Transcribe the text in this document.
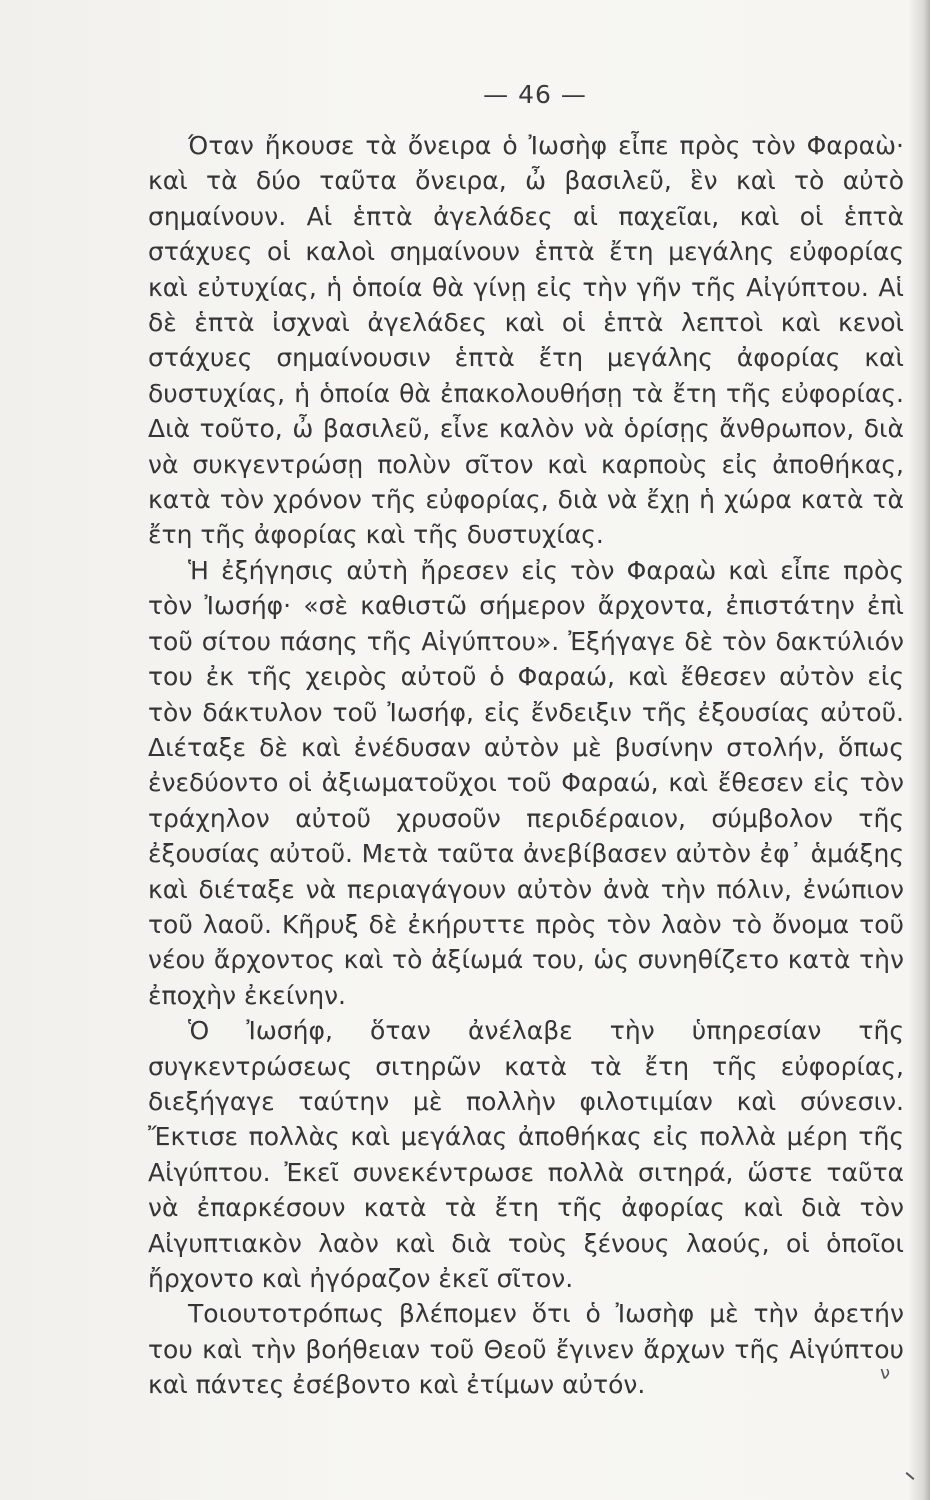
— 46 —

Όταν ἤκουσε τὰ ὄνειρα ὁ Ἰωσὴφ εἶπε πρὸς τὸν Φαραὼ· καὶ τὰ δύο ταῦτα ὄνειρα, ὦ βασιλεῦ, ἓν καὶ τὸ αὐτὸ σημαίνουν. Αἱ ἑπτὰ ἀγελάδες αἱ παχεῖαι, καὶ οἱ ἑπτὰ στάχυες οἱ καλοὶ σημαίνουν ἑπτὰ ἔτη μεγάλης εὐφορίας καὶ εὐτυχίας, ἡ ὁποία θὰ γίνῃ εἰς τὴν γῆν τῆς Αἰγύπτου. Αἱ δὲ ἑπτὰ ἰσχναὶ ἀγελάδες καὶ οἱ ἑπτὰ λεπτοὶ καὶ κενοὶ στάχυες σημαίνουσιν ἑπτὰ ἔτη μεγάλης ἀφορίας καὶ δυστυχίας, ἡ ὁποία θὰ ἐπακολουθήσῃ τὰ ἔτη τῆς εὐφορίας. Διὰ τοῦτο, ὦ βασιλεῦ, εἶνε καλὸν νὰ ὁρίσῃς ἄνθρωπον, διὰ νὰ συκγεντρώσῃ πολὺν σῖτον καὶ καρποὺς εἰς ἀποθήκας, κατὰ τὸν χρόνον τῆς εὐφορίας, διὰ νὰ ἔχῃ ἡ χώρα κατὰ τὰ ἔτη τῆς ἀφορίας καὶ τῆς δυστυχίας.

Ἡ ἐξήγησις αὐτὴ ἤρεσεν εἰς τὸν Φαραὼ καὶ εἶπε πρὸς τὸν Ἰωσήφ· «σὲ καθιστῶ σήμερον ἄρχοντα, ἐπιστάτην ἐπὶ τοῦ σίτου πάσης τῆς Αἰγύπτου». Ἐξήγαγε δὲ τὸν δακτύλιόν του ἐκ τῆς χειρὸς αὐτοῦ ὁ Φαραώ, καὶ ἔθεσεν αὐτὸν εἰς τὸν δάκτυλον τοῦ Ἰωσήφ, εἰς ἔνδειξιν τῆς ἐξουσίας αὐτοῦ. Διέταξε δὲ καὶ ἐνέδυσαν αὐτὸν μὲ βυσίνην στολήν, ὅπως ἐνεδύοντο οἱ ἀξιωματοῦχοι τοῦ Φαραώ, καὶ ἔθεσεν εἰς τὸν τράχηλον αὐτοῦ χρυσοῦν περιδέραιον, σύμβολον τῆς ἐξουσίας αὐτοῦ. Μετὰ ταῦτα ἀνεβίβασεν αὐτὸν ἐφ᾽ ἁμάξης καὶ διέταξε νὰ περιαγάγουν αὐτὸν ἀνὰ τὴν πόλιν, ἐνώπιον τοῦ λαοῦ. Κῆρυξ δὲ ἐκήρυττε πρὸς τὸν λαὸν τὸ ὄνομα τοῦ νέου ἄρχοντος καὶ τὸ ἀξίωμά του, ὡς συνηθίζετο κατὰ τὴν ἐποχὴν ἐκείνην.

Ὁ Ἰωσήφ, ὅταν ἀνέλαβε τὴν ὑπηρεσίαν τῆς συγκεντρώσεως σιτηρῶν κατὰ τὰ ἔτη τῆς εὐφορίας, διεξήγαγε ταύτην μὲ πολλὴν φιλοτιμίαν καὶ σύνεσιν. Ἔκτισε πολλὰς καὶ μεγάλας ἀποθήκας εἰς πολλὰ μέρη τῆς Αἰγύπτου. Ἐκεῖ συνεκέντρωσε πολλὰ σιτηρά, ὥστε ταῦτα νὰ ἐπαρκέσουν κατὰ τὰ ἔτη τῆς ἀφορίας καὶ διὰ τὸν Αἰγυπτιακὸν λαὸν καὶ διὰ τοὺς ξένους λαούς, οἱ ὁποῖοι ἤρχοντο καὶ ἠγόραζον ἐκεῖ σῖτον.

Τοιουτοτρόπως βλέπομεν ὅτι ὁ Ἰωσὴφ μὲ τὴν ἀρετήν του καὶ τὴν βοήθειαν τοῦ Θεοῦ ἔγινεν ἄρχων τῆς Αἰγύπτου καὶ πάντες ἐσέβοντο καὶ ἐτίμων αὐτόν.	ν
